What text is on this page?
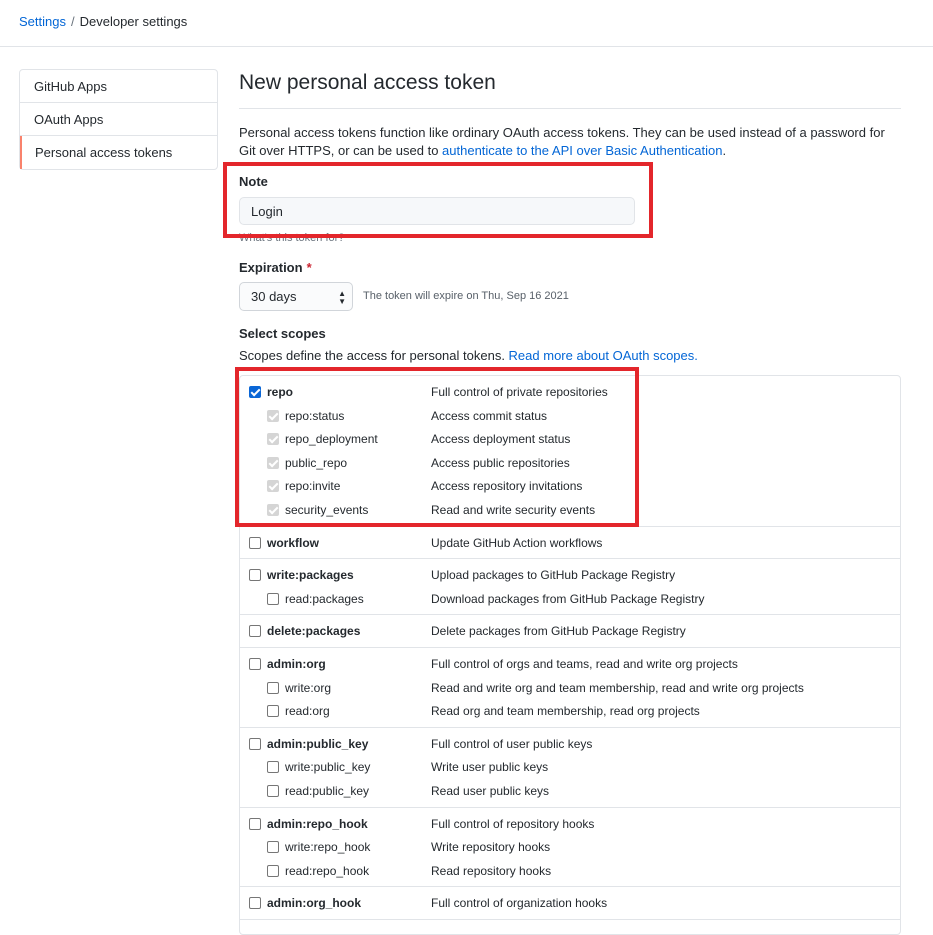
Settings / Developer settings
GitHub Apps
OAuth Apps
Personal access tokens
New personal access token

Personal access tokens function like ordinary OAuth access tokens. They can be used instead of a password for Git over HTTPS, or can be used to authenticate to the API over Basic Authentication.

Note
Login
What's this token for?
Expiration *
30 days	▲
▼ The token will expire on Thu, Sep 16 2021
Select scopes
Scopes define the access for personal tokens. Read more about OAuth scopes.
repo	Full control of private repositories
repo:status	Access commit status
repo_deployment	Access deployment status
public_repo	Access public repositories
repo:invite	Access repository invitations
security_events	Read and write security events
workflow	Update GitHub Action workflows
write:packages	Upload packages to GitHub Package Registry
read:packages	Download packages from GitHub Package Registry
delete:packages	Delete packages from GitHub Package Registry
admin:org	Full control of orgs and teams, read and write org projects
write:org	Read and write org and team membership, read and write org projects
read:org	Read org and team membership, read org projects
admin:public_key	Full control of user public keys
write:public_key	Write user public keys
read:public_key	Read user public keys
admin:repo_hook	Full control of repository hooks
write:repo_hook	Write repository hooks
read:repo_hook	Read repository hooks
admin:org_hook	Full control of organization hooks
